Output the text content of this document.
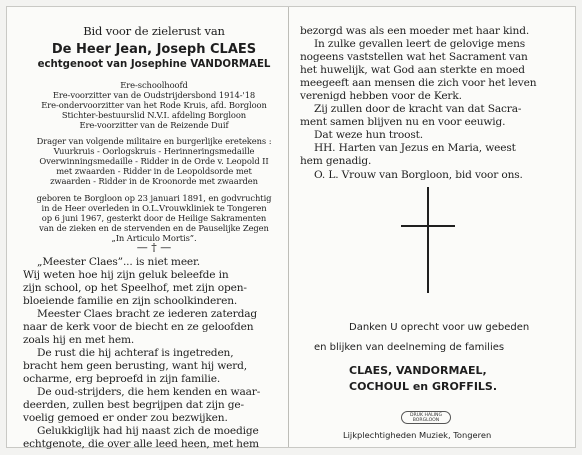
Bid voor de zielerust van
De Heer Jean, Joseph CLAES
echtgenoot van Josephine VANDORMAEL
Ere-schoolhoofd
Ere-voorzitter van de Oudstrijdersbond 1914-'18
Ere-ondervoorzitter van het Rode Kruis, afd. Borgloon
Stichter-bestuurslid N.V.I. afdeling Borgloon
Ere-voorzitter van de Reizende Duif
Drager van volgende militaire en burgerlijke eretekens :
Vuurkruis - Oorlogskruis - Herinneringsmedaille
Overwinningsmedaille - Ridder in de Orde v. Leopold II
met zwaarden - Ridder in de Leopoldsorde met
zwaarden - Ridder in de Kroonorde met zwaarden
geboren te Borgloon op 23 januari 1891, en godvruchtig
in de Heer overleden in O.L.Vrouwkliniek te Tongeren
op 6 juni 1967, gesterkt door de Heilige Sakramenten
van de zieken en de stervenden en de Pauselijke Zegen
„In Articulo Mortis”.
— † —
„Meester Claes”... is niet meer.
Wij weten hoe hij zijn geluk beleefde in
zijn school, op het Speelhof, met zijn open-
bloeiende familie en zijn schoolkinderen.
Meester Claes bracht ze iederen zaterdag
naar de kerk voor de biecht en ze geloofden
zoals hij en met hem.
De rust die hij achteraf is ingetreden,
bracht hem geen berusting, want hij werd,
ocharme, erg beproefd in zijn familie.
De oud-strijders, die hem kenden en waar-
deerden, zullen best begrijpen dat zijn ge-
voelig gemoed er onder zou bezwijken.
Gelukkiglijk had hij naast zich de moedige
echtgenote, die over alle leed heen, met hem
bezorgd was als een moeder met haar kind.
In zulke gevallen leert de gelovige mens
nogeens vaststellen wat het Sacrament van
het huwelijk, wat God aan sterkte en moed
meegeeft aan mensen die zich voor het leven
verenigd hebben voor de Kerk.
Zij zullen door de kracht van dat Sacra-
ment samen blijven nu en voor eeuwig.
Dat weze hun troost.
HH. Harten van Jezus en Maria, weest
hem genadig.
O. L. Vrouw van Borgloon, bid voor ons.
Danken U oprecht voor uw gebeden
en blijken van deelneming de families
CLAES, VANDORMAEL,
COCHOUL en GROFFILS.
DRUK HALING
BORGLOON
Lijkplechtigheden Muziek, Tongeren
